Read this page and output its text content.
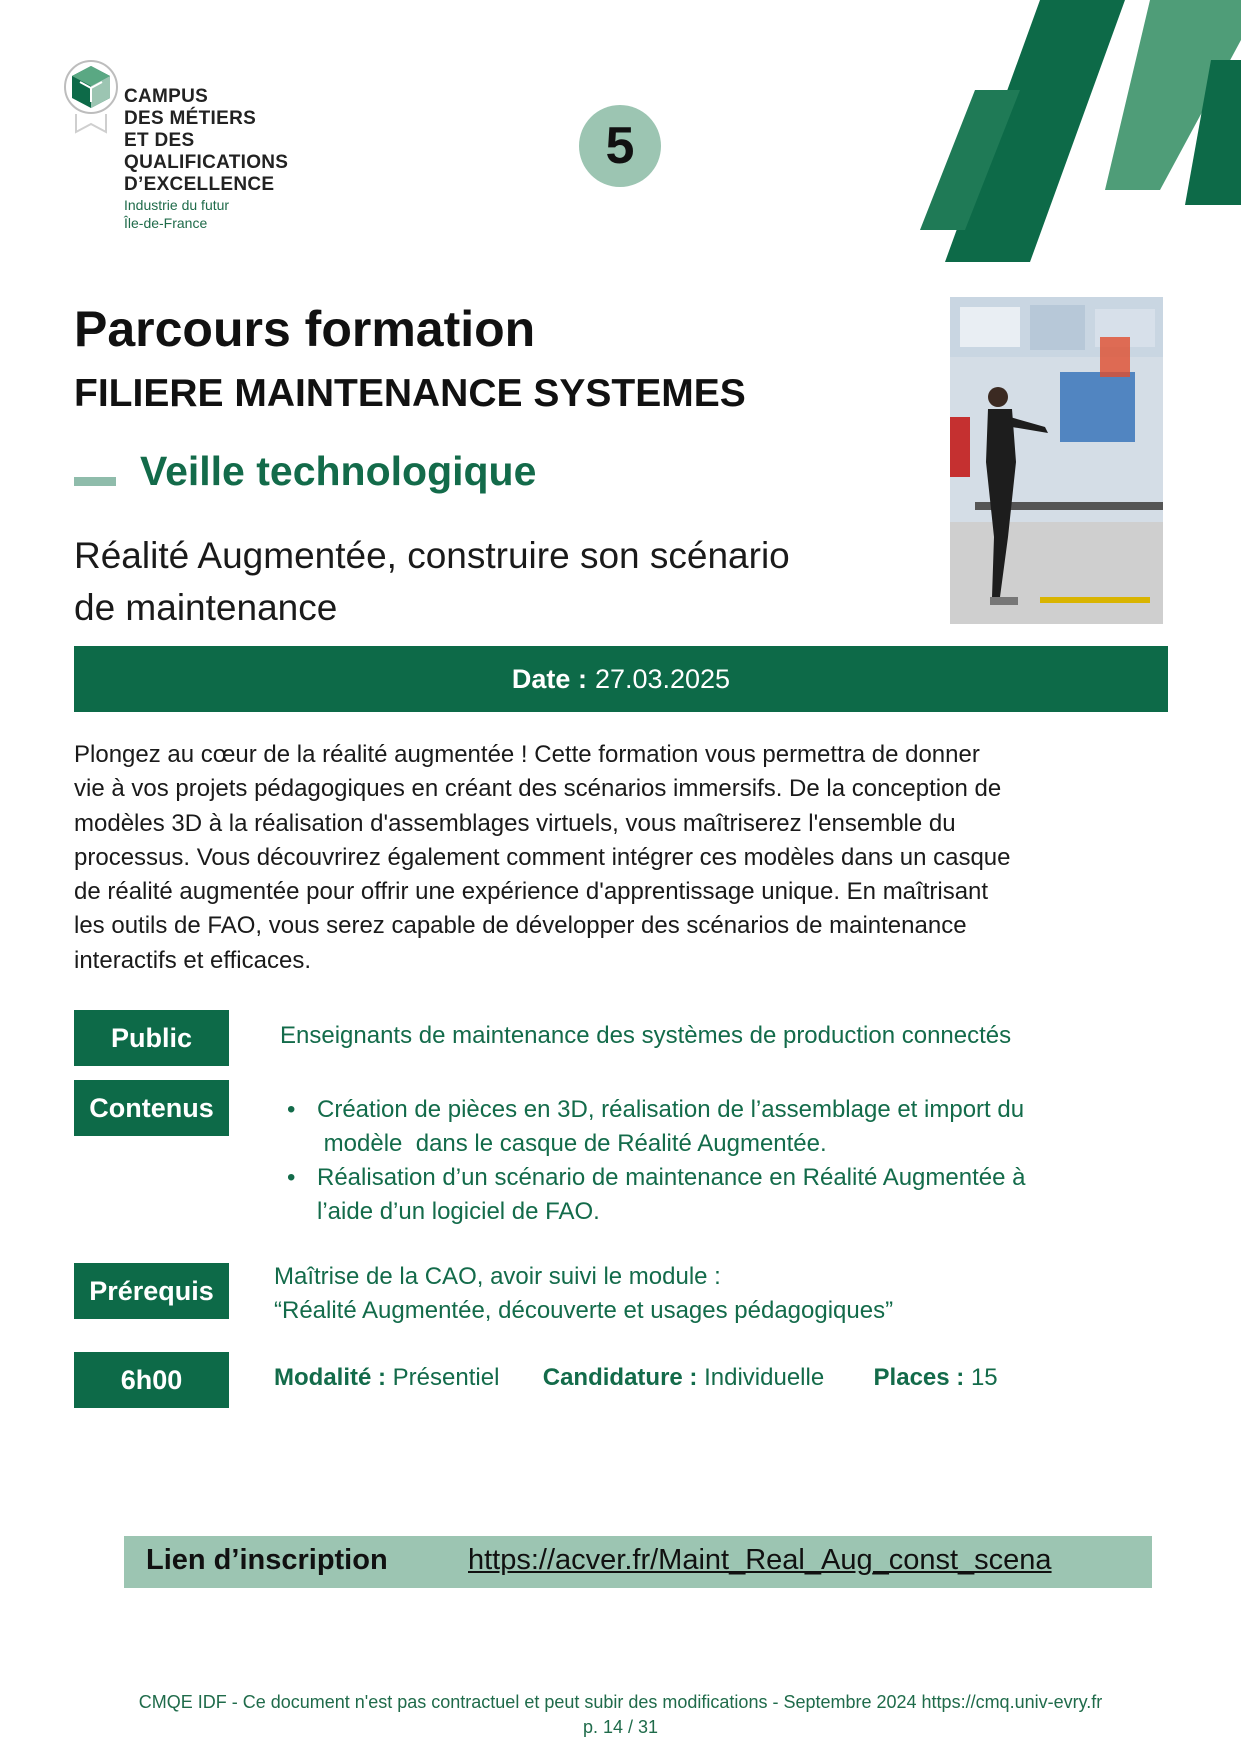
CAMPUS
DES MÉTIERS
ET DES
QUALIFICATIONS
D’EXCELLENCE
Industrie du futur
Île-de-France
5
Parcours formation
FILIERE MAINTENANCE SYSTEMES
Veille technologique
Réalité Augmentée, construire son scénario
de maintenance
Date : 27.03.2025
Plongez au cœur de la réalité augmentée ! Cette formation vous permettra de donner
vie à vos projets pédagogiques en créant des scénarios immersifs. De la conception de
modèles 3D à la réalisation d'assemblages virtuels, vous maîtriserez l'ensemble du
processus. Vous découvrirez également comment intégrer ces modèles dans un casque
de réalité augmentée pour offrir une expérience d'apprentissage unique. En maîtrisant
les outils de FAO, vous serez capable de développer des scénarios de maintenance
interactifs et efficaces.
Public	Enseignants de maintenance des systèmes de production connectés
Contenus	• Création de pièces en 3D, réalisation de l’assemblage et import du
modèle  dans le casque de Réalité Augmentée.
• Réalisation d’un scénario de maintenance en Réalité Augmentée à
l’aide d’un logiciel de FAO.
Prérequis	Maîtrise de la CAO, avoir suivi le module :
“Réalité Augmentée, découverte et usages pédagogiques”
6h00	Modalité : Présentiel Candidature : Individuelle Places : 15
Lien d’inscription	https://acver.fr/Maint_Real_Aug_const_scena
CMQE IDF - Ce document n'est pas contractuel et peut subir des modifications - Septembre 2024 https://cmq.univ-evry.fr
p. 14 / 31
